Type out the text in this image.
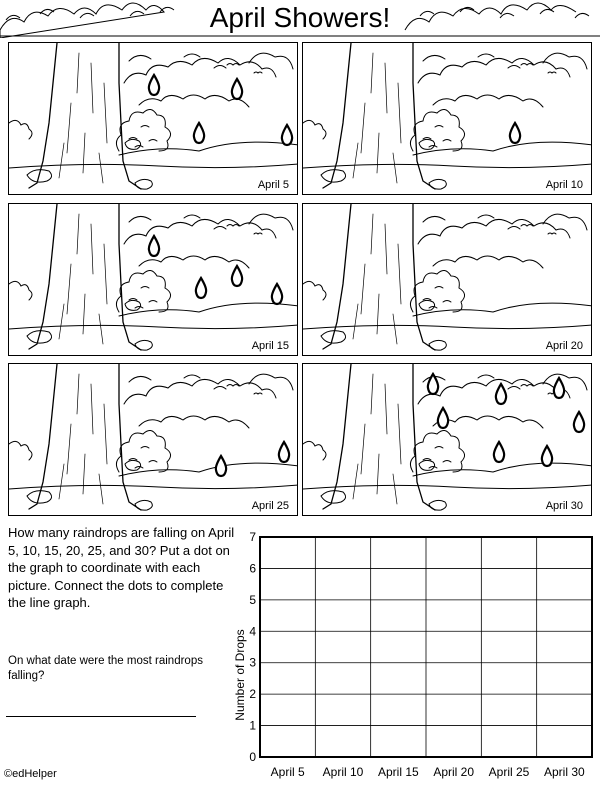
April Showers!
April 5	April 10
April 15	April 20
April 25	April 30
How many raindrops are falling on April 5, 10, 15, 20, 25, and 30? Put a dot on the graph to coordinate with each picture. Connect the dots to complete the line graph.
On what date were the most raindrops falling?
©edHelper
0
1
2
3
4
5
6
7
April 5 April 10 April 15 April 20 April 25 April 30
Number of Drops
